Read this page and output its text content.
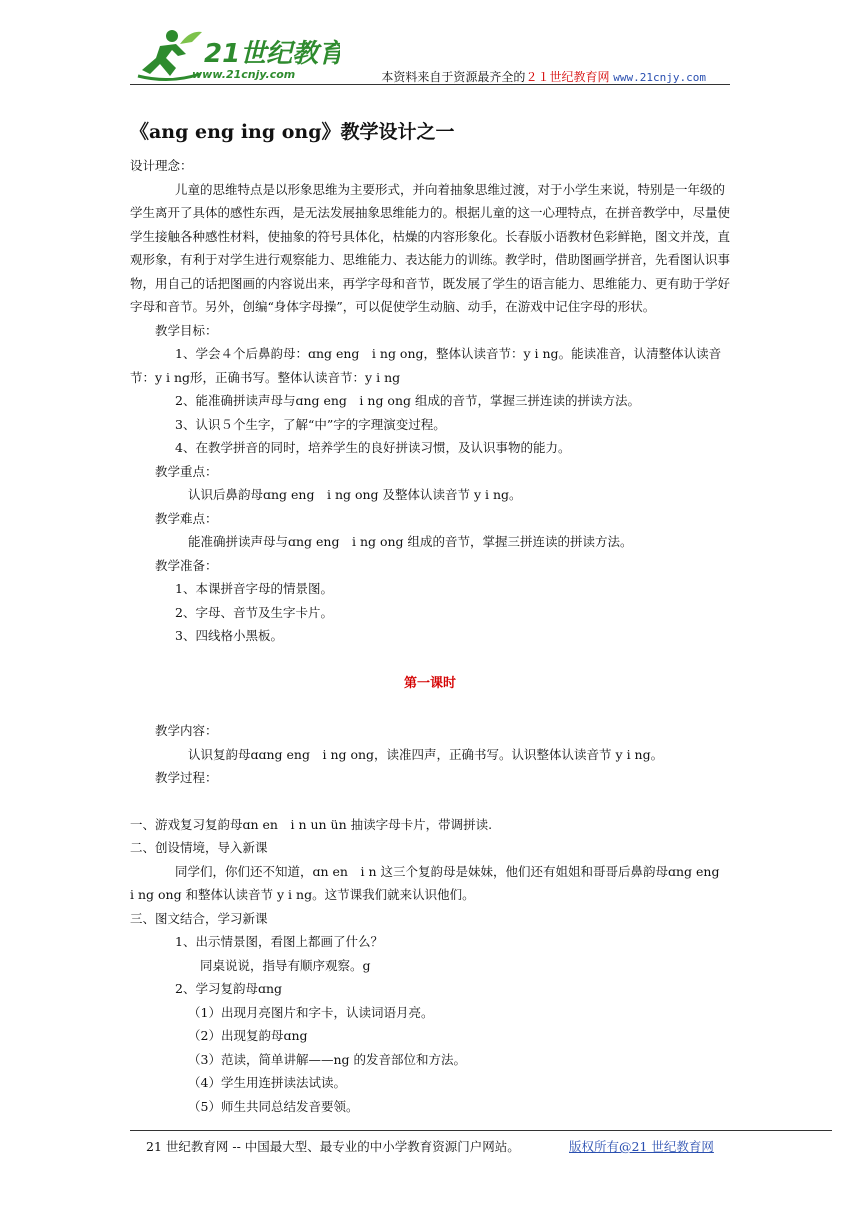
21世纪教育
www.21cnjy.com	本资料来自于资源最齐全的２１世纪教育网 www.21cnjy.com
《ang eng ing ong》教学设计之一

设计理念：

儿童的思维特点是以形象思维为主要形式，并向着抽象思维过渡，对于小学生来说，特别是一年级的学生离开了具体的感性东西，是无法发展抽象思维能力的。根据儿童的这一心理特点，在拼音教学中，尽量使学生接触各种感性材料，使抽象的符号具体化，枯燥的内容形象化。长春版小语教材色彩鲜艳，图文并茂，直观形象，有利于对学生进行观察能力、思维能力、表达能力的训练。教学时，借助图画学拼音，先看图认识事物，用自己的话把图画的内容说出来，再学字母和音节，既发展了学生的语言能力、思维能力、更有助于学好字母和音节。另外，创编“身体字母操”，可以促使学生动脑、动手，在游戏中记住字母的形状。

教学目标：

1、学会４个后鼻韵母：ɑng eng　i ng ong，整体认读音节：y i ng。能读准音，认清整体认读音节：y i ng形，正确书写。整体认读音节：y i ng

2、能准确拼读声母与ɑng eng　i ng ong 组成的音节，掌握三拼连读的拼读方法。

3、认识５个生字，了解“中”字的字理演变过程。

4、在教学拼音的同时，培养学生的良好拼读习惯，及认识事物的能力。

教学重点：

认识后鼻韵母ɑng eng　i ng ong 及整体认读音节 y i ng。

教学难点：

能准确拼读声母与ɑng eng　i ng ong 组成的音节，掌握三拼连读的拼读方法。

教学准备：

1、本课拼音字母的情景图。

2、字母、音节及生字卡片。

3、四线格小黑板。

第一课时

教学内容：

认识复韵母ɑɑng eng　i ng ong，读准四声，正确书写。认识整体认读音节 y i ng。

教学过程：

一、游戏复习复韵母ɑn en　i n un ün 抽读字母卡片，带调拼读.

二、创设情境，导入新课

同学们，你们还不知道，ɑn en　i n 这三个复韵母是妹妹，他们还有姐姐和哥哥后鼻韵母ɑng eng　i ng ong 和整体认读音节 y i ng。这节课我们就来认识他们。

三、图文结合，学习新课

1、出示情景图，看图上都画了什么？

同桌说说，指导有顺序观察。g

2、学习复韵母ɑng

（1）出现月亮图片和字卡，认读词语月亮。

（2）出现复韵母ɑng

（3）范读，简单讲解——ng 的发音部位和方法。

（4）学生用连拼读法试读。

（5）师生共同总结发音要领。

21 世纪教育网 -- 中国最大型、最专业的中小学教育资源门户网站。	版权所有@21 世纪教育网
